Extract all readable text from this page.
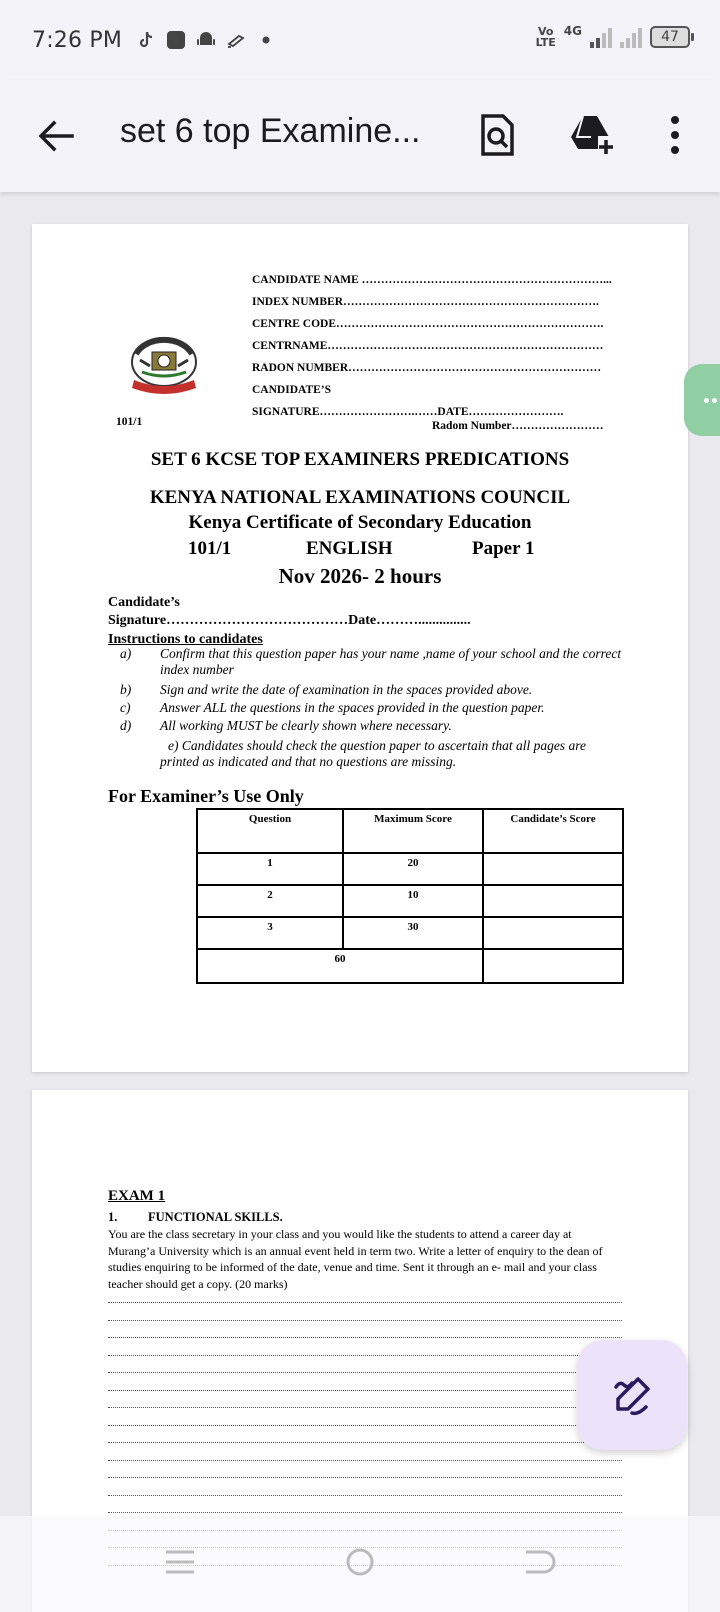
7:26 PM	Vo
LTE
4G	47
set 6 top Examine...
CANDIDATE NAME ………………………………………………………...
INDEX NUMBER………………………………………………………….
CENTRE CODE…………………………………………………………….
CENTRNAME………………………………………………………………
RADON NUMBER…………………………………………………………
CANDIDATE’S
SIGNATURE…………………….……DATE…………………….
Radom Number……………………
101/1
SET 6 KCSE TOP EXAMINERS PREDICATIONS
KENYA NATIONAL EXAMINATIONS COUNCIL
Kenya Certificate of Secondary Education
101/1	ENGLISH	Paper 1
Nov 2026- 2 hours
Candidate’s
Signature…………………………………Date………...............
Instructions to candidates
a) Confirm that this question paper has your name ,name of your school and the correct index number
b) Sign and write the date of examination in the spaces provided above.
c) Answer ALL the questions in the spaces provided in the question paper.
d) All working MUST be clearly shown where necessary.
e) Candidates should check the question paper to ascertain that all pages are printed as indicated and that no questions are missing.
For Examiner’s Use Only
Question	Maximum Score	Candidate’s Score
1	20	
2	10	
3	30	
60		
EXAM 1
1. FUNCTIONAL SKILLS.
You are the class secretary in your class and you would like the students to attend a career day at Murang’a University which is an annual event held in term two. Write a letter of enquiry to the dean of studies enquiring to be informed of the date, venue and time. Sent it through an e- mail and your class teacher should get a copy. (20 marks)
